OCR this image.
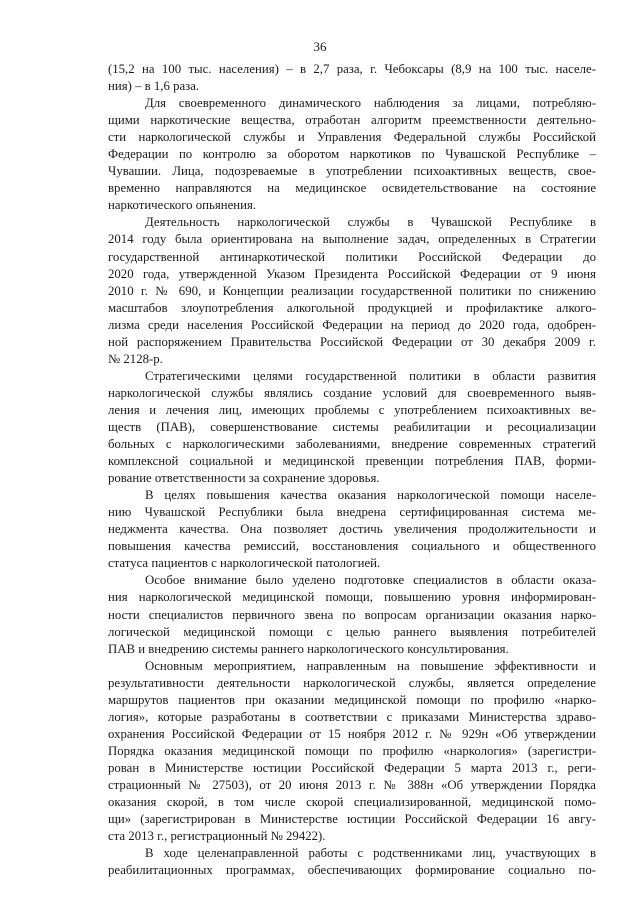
36
(15,2 на 100 тыс. населения) – в 2,7 раза, г. Чебоксары (8,9 на 100 тыс. населе-
ния) – в 1,6 раза.
Для своевременного динамического наблюдения за лицами, потребляю-
щими наркотические вещества, отработан алгоритм преемственности деятельно-
сти наркологической службы и Управления Федеральной службы Российской
Федерации по контролю за оборотом наркотиков по Чувашской Республике –
Чувашии. Лица, подозреваемые в употреблении психоактивных веществ, свое-
временно направляются на медицинское освидетельствование на состояние
наркотического опьянения.
Деятельность наркологической службы в Чувашской Республике в
2014 году была ориентирована на выполнение задач, определенных в Стратегии
государственной антинаркотической политики Российской Федерации до
2020 года, утвержденной Указом Президента Российской Федерации от 9 июня
2010 г. № 690, и Концепции реализации государственной политики по снижению
масштабов злоупотребления алкогольной продукцией и профилактике алкого-
лизма среди населения Российской Федерации на период до 2020 года, одобрен-
ной распоряжением Правительства Российской Федерации от 30 декабря 2009 г.
№ 2128-р.
Стратегическими целями государственной политики в области развития
наркологической службы являлись создание условий для своевременного выяв-
ления и лечения лиц, имеющих проблемы с употреблением психоактивных ве-
ществ (ПАВ), совершенствование системы реабилитации и ресоциализации
больных с наркологическими заболеваниями, внедрение современных стратегий
комплексной социальной и медицинской превенции потребления ПАВ, форми-
рование ответственности за сохранение здоровья.
В целях повышения качества оказания наркологической помощи населе-
нию Чувашской Республики была внедрена сертифицированная система ме-
неджмента качества. Она позволяет достичь увеличения продолжительности и
повышения качества ремиссий, восстановления социального и общественного
статуса пациентов с наркологической патологией.
Особое внимание было уделено подготовке специалистов в области оказа-
ния наркологической медицинской помощи, повышению уровня информирован-
ности специалистов первичного звена по вопросам организации оказания нарко-
логической медицинской помощи с целью раннего выявления потребителей
ПАВ и внедрению системы раннего наркологического консультирования.
Основным мероприятием, направленным на повышение эффективности и
результативности деятельности наркологической службы, является определение
маршрутов пациентов при оказании медицинской помощи по профилю «нарко-
логия», которые разработаны в соответствии с приказами Министерства здраво-
охранения Российской Федерации от 15 ноября 2012 г. № 929н «Об утверждении
Порядка оказания медицинской помощи по профилю «наркология» (зарегистри-
рован в Министерстве юстиции Российской Федерации 5 марта 2013 г., реги-
страционный № 27503), от 20 июня 2013 г. № 388н «Об утверждении Порядка
оказания скорой, в том числе скорой специализированной, медицинской помо-
щи» (зарегистрирован в Министерстве юстиции Российской Федерации 16 авгу-
ста 2013 г., регистрационный № 29422).
В ходе целенаправленной работы с родственниками лиц, участвующих в
реабилитационных программах, обеспечивающих формирование социально по-
